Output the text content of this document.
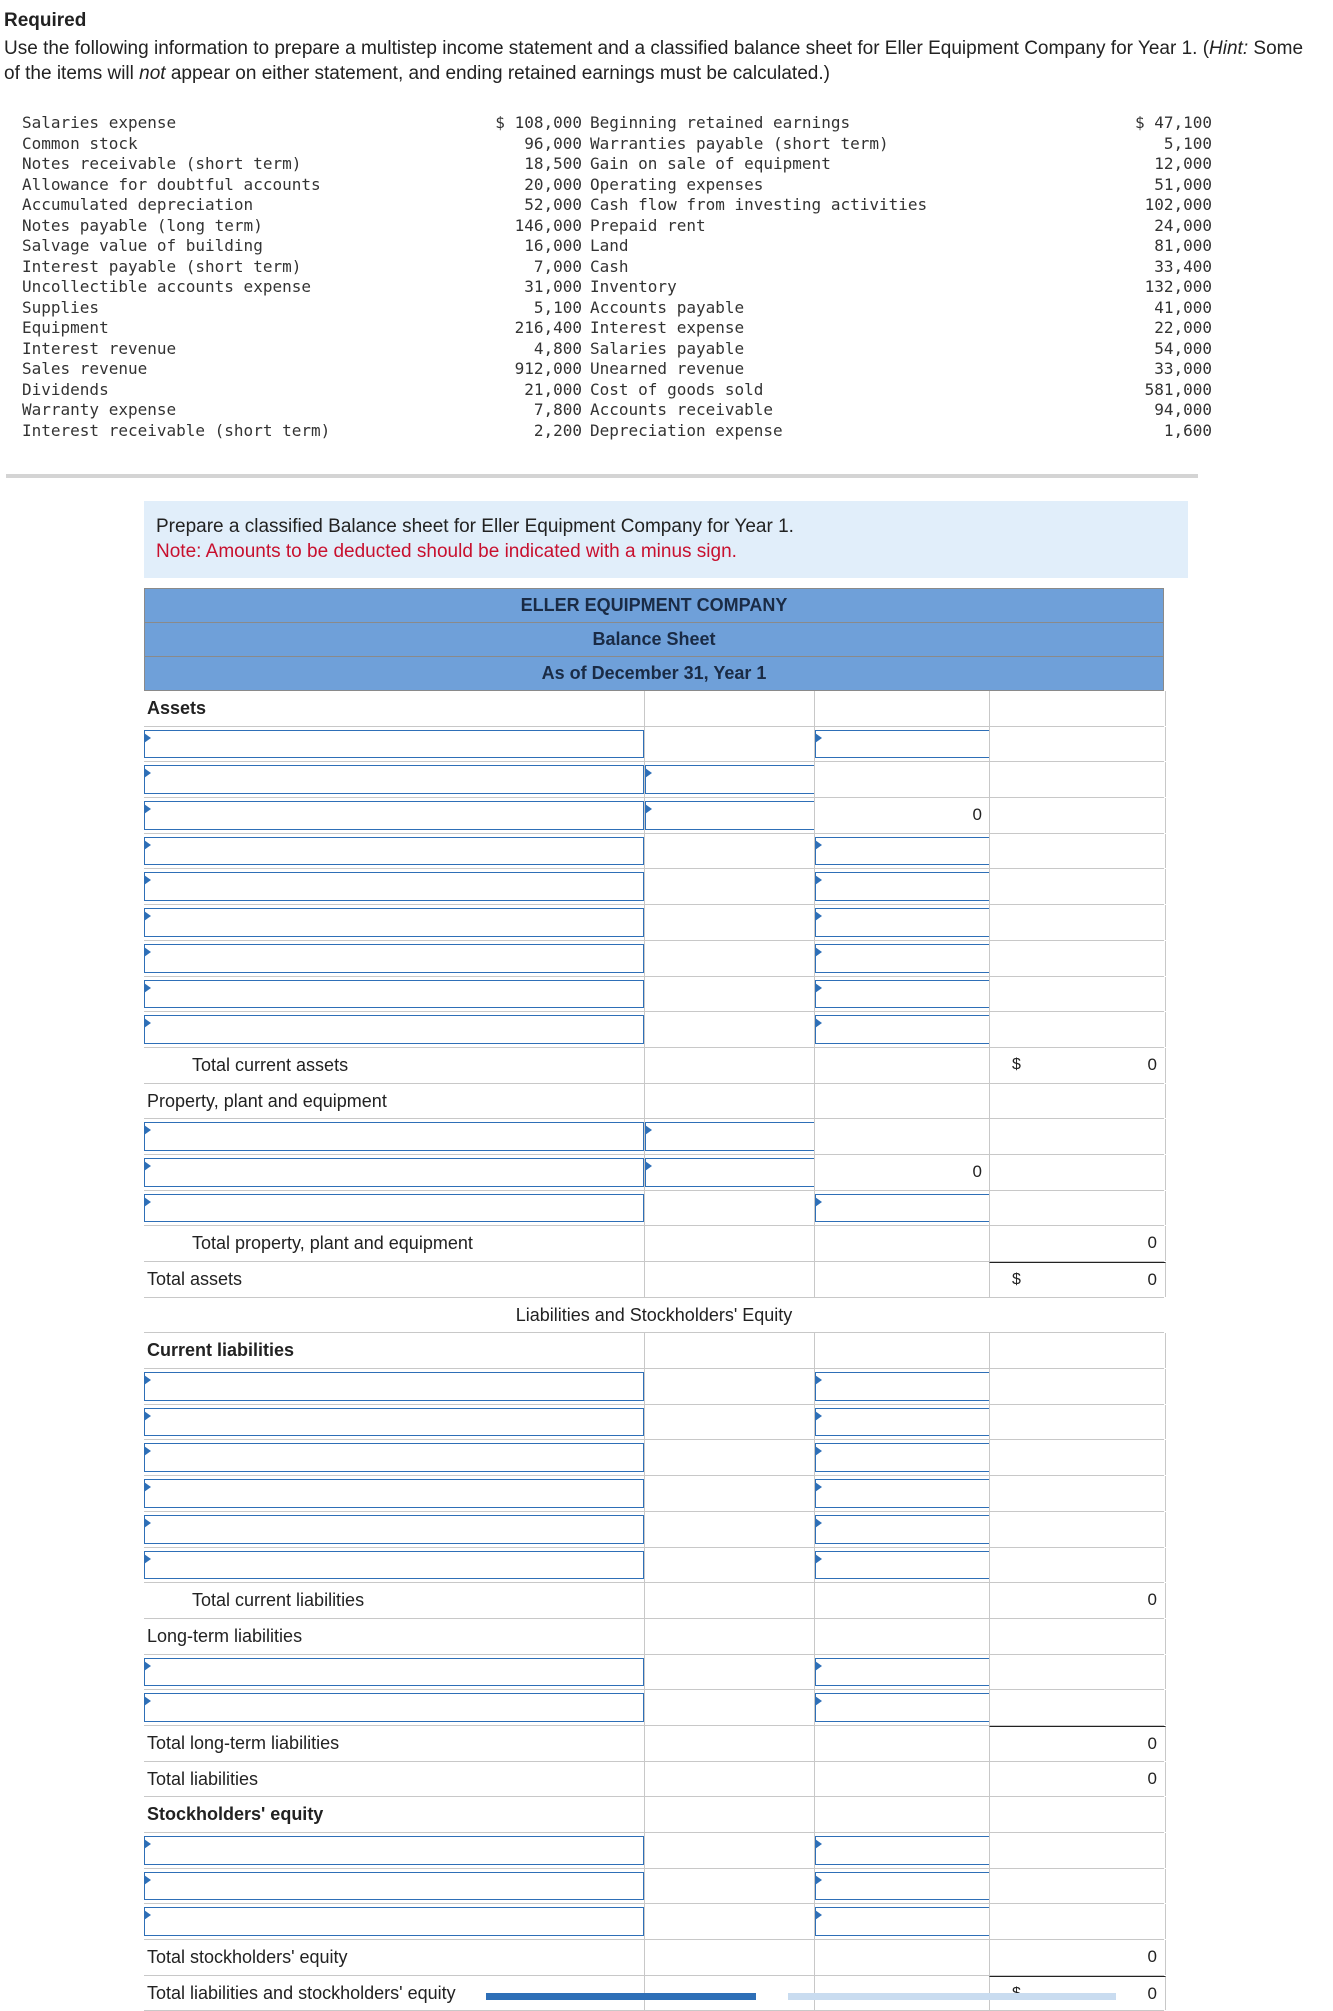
Required
Use the following information to prepare a multistep income statement and a classified balance sheet for Eller Equipment Company for Year 1. (Hint: Some of the items will not appear on either statement, and ending retained earnings must be calculated.)
Salaries expense	$ 108,000	Beginning retained earnings	$ 47,100
Common stock	96,000	Warranties payable (short term)	5,100
Notes receivable (short term)	18,500	Gain on sale of equipment	12,000
Allowance for doubtful accounts	20,000	Operating expenses	51,000
Accumulated depreciation	52,000	Cash flow from investing activities	102,000
Notes payable (long term)	146,000	Prepaid rent	24,000
Salvage value of building	16,000	Land	81,000
Interest payable (short term)	7,000	Cash	33,400
Uncollectible accounts expense	31,000	Inventory	132,000
Supplies	5,100	Accounts payable	41,000
Equipment	216,400	Interest expense	22,000
Interest revenue	4,800	Salaries payable	54,000
Sales revenue	912,000	Unearned revenue	33,000
Dividends	21,000	Cost of goods sold	581,000
Warranty expense	7,800	Accounts receivable	94,000
Interest receivable (short term)	2,200	Depreciation expense	1,600
Prepare a classified Balance sheet for Eller Equipment Company for Year 1.
Note: Amounts to be deducted should be indicated with a minus sign.
ELLER EQUIPMENT COMPANY
Balance Sheet
As of December 31, Year 1
Assets
0
Total current assets	$	0
Property, plant and equipment
0
Total property, plant and equipment	0
Total assets	$	0
Liabilities and Stockholders' Equity
Current liabilities
Total current liabilities	0
Long-term liabilities
Total long-term liabilities	0
Total liabilities	0
Stockholders' equity
Total stockholders' equity	0
Total liabilities and stockholders' equity	0
